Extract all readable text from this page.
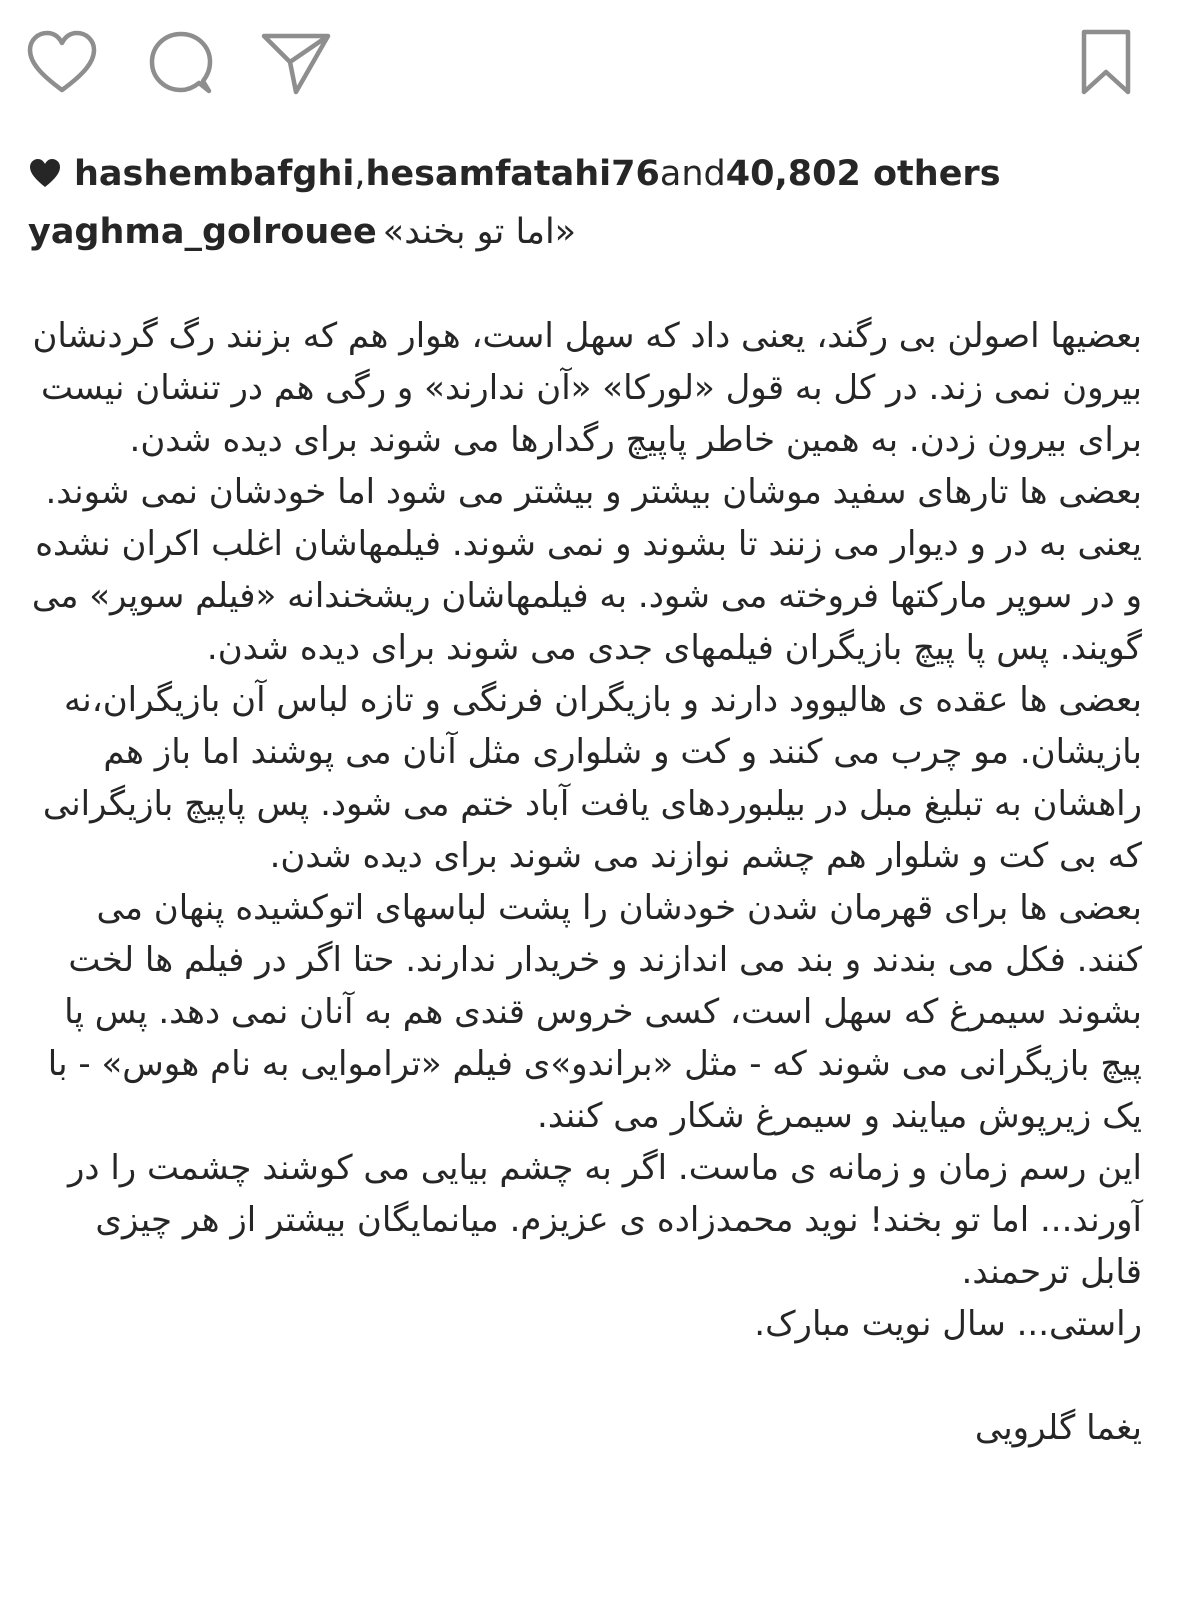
hashembafghi , hesamfatahi76 and 40,802 others
yaghma_golrouee «اما تو بخند»

بعضیها اصولن بی رگند، یعنی داد که سهل است، هوار هم که بزنند رگ گردنشان بیرون نمی زند. در کل به قول «لورکا» «آن ندارند» و رگی هم در تنشان نیست برای بیرون زدن. به همین خاطر پاپیچ رگدارها می شوند برای دیده شدن.

بعضی ها تارهای سفید موشان بیشتر و بیشتر می شود اما خودشان نمی شوند. یعنی به در و دیوار می زنند تا بشوند و نمی شوند. فیلمهاشان اغلب اکران نشده و در سوپر مارکتها فروخته می شود. به فیلمهاشان ریشخندانه «فیلم سوپر» می گویند. پس پا پیچ بازیگران فیلمهای جدی می شوند برای دیده شدن.

بعضی ها عقده ی هالیوود دارند و بازیگران فرنگی و تازه لباس آن بازیگران،نه بازیشان. مو چرب می کنند و کت و شلواری مثل آنان می پوشند اما باز هم راهشان به تبلیغ مبل در بیلبوردهای یافت آباد ختم می شود. پس پاپیچ بازیگرانی که بی کت و شلوار هم چشم نوازند می شوند برای دیده شدن.

بعضی ها برای قهرمان شدن خودشان را پشت لباسهای اتوکشیده پنهان می کنند. فکل می بندند و بند می اندازند و خریدار ندارند. حتا اگر در فیلم ها لخت بشوند سیمرغ که سهل است، کسی خروس قندی هم به آنان نمی دهد. پس پا پیچ بازیگرانی می شوند که - مثل «براندو»ی فیلم «تراموایی به نام هوس» - با یک زیرپوش میایند و سیمرغ شکار می کنند.

این رسم زمان و زمانه ی ماست. اگر به چشم بیایی می کوشند چشمت را در آورند... اما تو بخند! نوید محمدزاده ی عزیزم. میانمایگان بیشتر از هر چیزی قابل ترحمند.

راستی... سال نویت مبارک.

یغما گلرویی
